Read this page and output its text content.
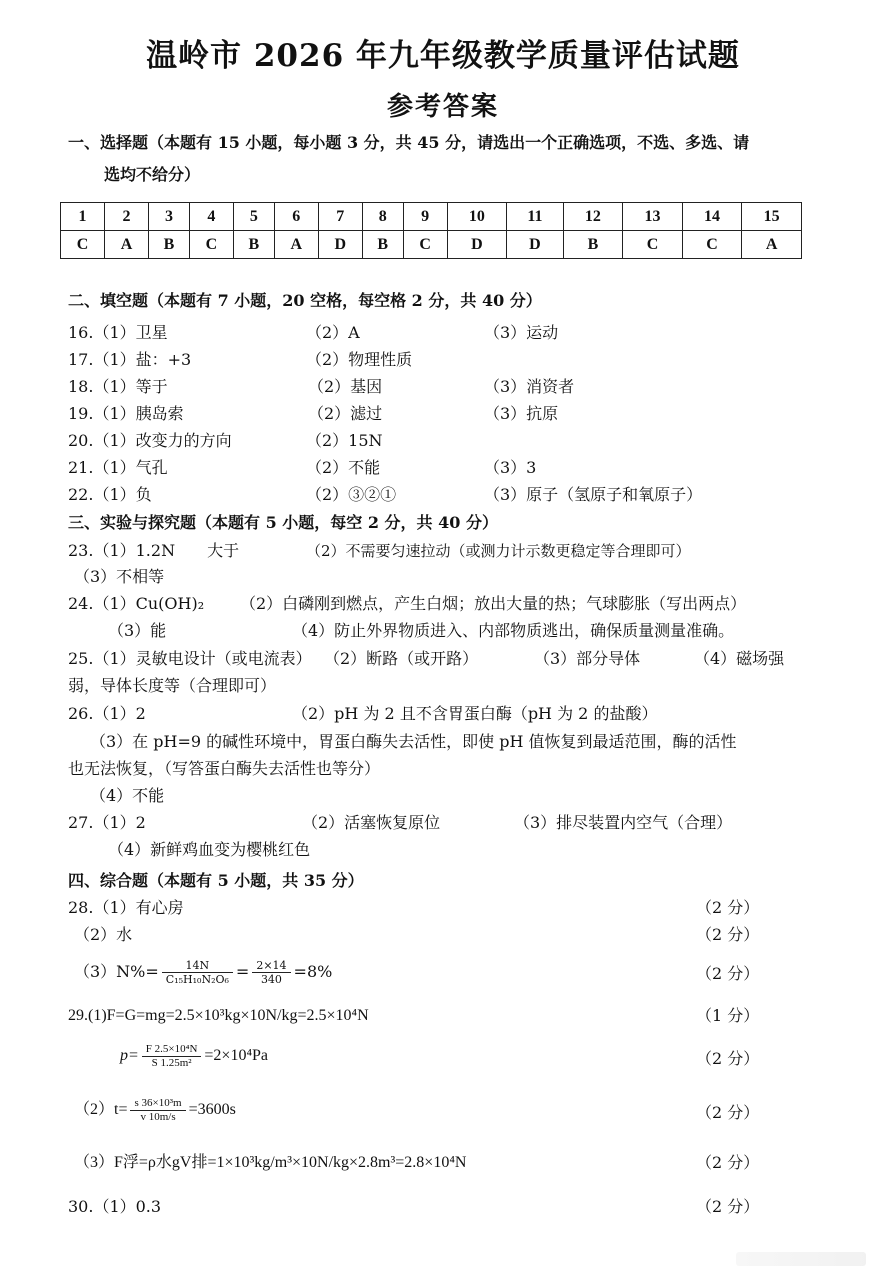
温岭市 2026 年九年级教学质量评估试题
参考答案
一、选择题（本题有 15 小题，每小题 3 分，共 45 分，请选出一个正确选项，不选、多选、请
选均不给分）
1	2	3	4	5	6	7	8	9	10	11	12	13	14	15
C	A	B	C	B	A	D	B	C	D	D	B	C	C	A
二、填空题（本题有 7 小题，20 空格，每空格 2 分，共 40 分）
16.（1）卫星	（2）A	（3）运动
17.（1）盐：+3	（2）物理性质
18.（1）等于	（2）基因	（3）消资者
19.（1）胰岛索	（2）滤过	（3）抗原
20.（1）改变力的方向	（2）15N
21.（1）气孔	（2）不能	（3）3
22.（1）负	（2）③②①	（3）原子（氢原子和氧原子）
三、实验与探究题（本题有 5 小题，每空 2 分，共 40 分）
23.（1）1.2N　　大于	（2）不需要匀速拉动（或测力计示数更稳定等合理即可）
（3）不相等
24.（1）Cu(OH)₂ （2）白磷刚到燃点，产生白烟；放出大量的热；气球膨胀（写出两点）
（3）能	（4）防止外界物质进入、内部物质逃出，确保质量测量准确。
25.（1）灵敏电设计（或电流表） （2）断路（或开路）	（3）部分导体	（4）磁场强
弱，导体长度等（合理即可）
26.（1）2	（2）pH 为 2 且不含胃蛋白酶（pH 为 2 的盐酸）
（3）在 pH=9 的碱性环境中，胃蛋白酶失去活性，即使 pH 值恢复到最适范围，酶的活性
也无法恢复，（写答蛋白酶失去活性也等分）
（4）不能
27.（1）2	（2）活塞恢复原位	（3）排尽装置内空气（合理）
（4）新鲜鸡血变为樱桃红色
四、综合题（本题有 5 小题，共 35 分）
28.（1）有心房	（2 分）
（2）水	（2 分）
$(3)N\%= \frac{14N}{\text{C₁₅H₁₀N₂O₆}} = \frac{2\times 14}{340} =8\%$	（2 分）
29.(1)F=G=mg=2.5×10³kg×10N/kg=2.5×10⁴N	（1 分）
$p= \frac{\text{F 2.5×10⁴N}}{\text{S 1.25m²}} =2\times 10^4Pa$	（2 分）
$(2)t= \frac{\text{s 36×10³m}}{v 10m/s} =3600s$	（2 分）
（3）F浮=ρ水gV排=1×10³kg/m³×10N/kg×2.8m³=2.8×10⁴N	（2 分）
30.（1）0.3	（2 分）
